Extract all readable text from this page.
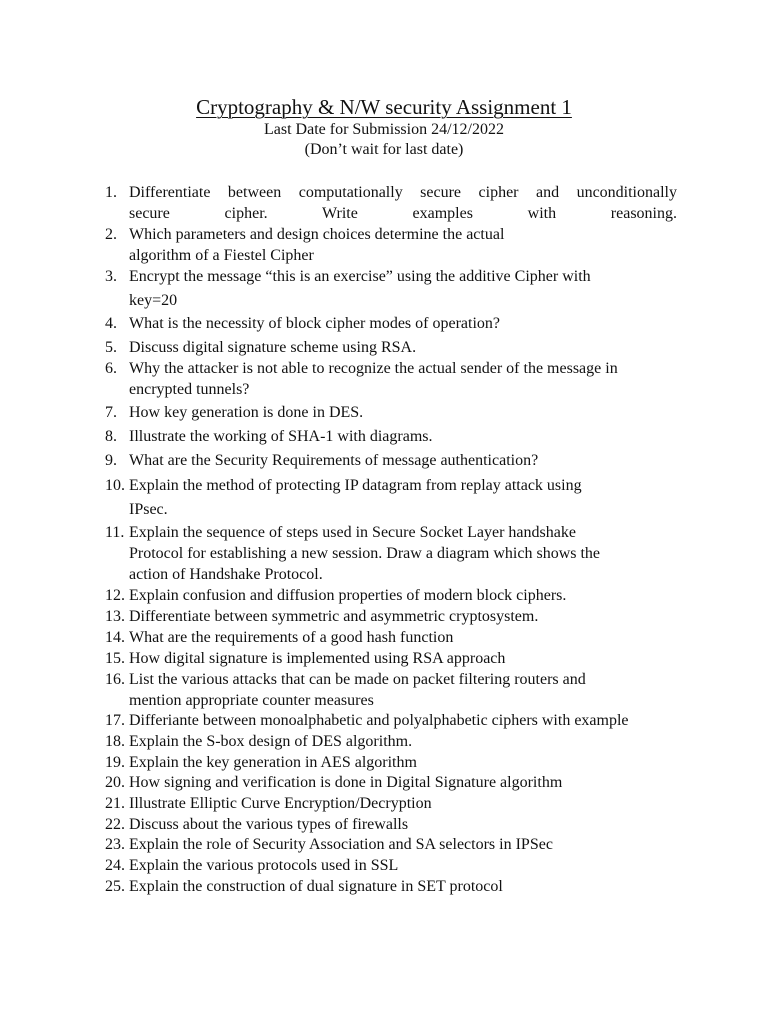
Cryptography & N/W security Assignment 1

Last Date for Submission 24/12/2022

(Don’t wait for last date)

1. Differentiate between computationally secure cipher and unconditionally
secure cipher. Write examples with reasoning.
2. Which parameters and design choices determine the actual
algorithm of a Fiestel Cipher
3. Encrypt the message “this is an exercise” using the additive Cipher with
key=20
4. What is the necessity of block cipher modes of operation?
5. Discuss digital signature scheme using RSA.
6. Why the attacker is not able to recognize the actual sender of the message in
encrypted tunnels?
7. How key generation is done in DES.
8. Illustrate the working of SHA-1 with diagrams.
9. What are the Security Requirements of message authentication?
10. Explain the method of protecting IP datagram from replay attack using
IPsec.
11. Explain the sequence of steps used in Secure Socket Layer handshake
Protocol for establishing a new session. Draw a diagram which shows the
action of Handshake Protocol.
12. Explain confusion and diffusion properties of modern block ciphers.
13. Differentiate between symmetric and asymmetric cryptosystem.
14. What are the requirements of a good hash function
15. How digital signature is implemented using RSA approach
16. List the various attacks that can be made on packet filtering routers and
mention appropriate counter measures
17. Differiante between monoalphabetic and polyalphabetic ciphers with example
18. Explain the S-box design of DES algorithm.
19. Explain the key generation in AES algorithm
20. How signing and verification is done in Digital Signature algorithm
21. Illustrate Elliptic Curve Encryption/Decryption
22. Discuss about the various types of firewalls
23. Explain the role of Security Association and SA selectors in IPSec
24. Explain the various protocols used in SSL
25. Explain the construction of dual signature in SET protocol
